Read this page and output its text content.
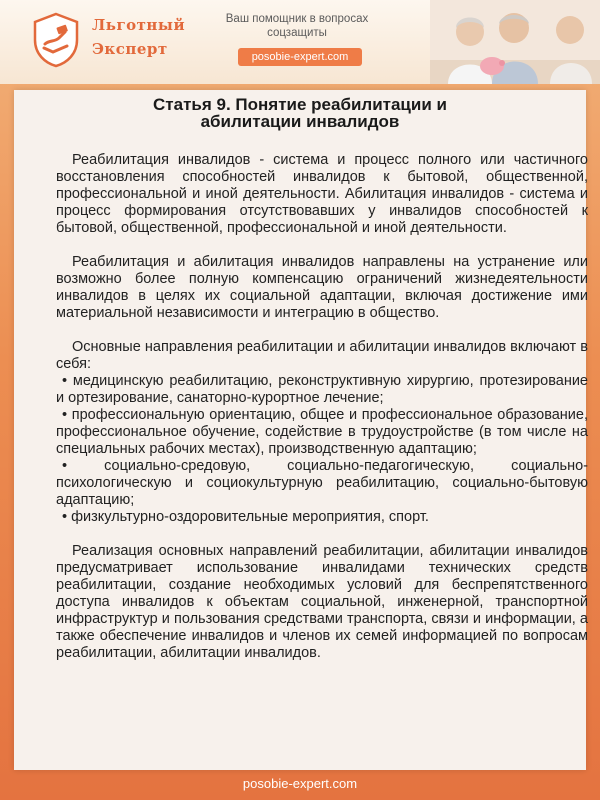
Льготный
Эксперт
Ваш помощник в вопросах соцзащиты
posobie-expert.com
Статья 9. Понятие реабилитации и
абилитации инвалидов

Реабилитация инвалидов - система и процесс полного или частичного восстановления способностей инвалидов к бытовой, общественной, профессиональной и иной деятельности. Абилитация инвалидов - система и процесс формирования отсутствовавших у инвалидов способностей к бытовой, общественной, профессиональной и иной деятельности.

Реабилитация и абилитация инвалидов направлены на устранение или возможно более полную компенсацию ограничений жизнедеятельности инвалидов в целях их социальной адаптации, включая достижение ими материальной независимости и интеграцию в общество.

Основные направления реабилитации и абилитации инвалидов включают в себя:

• медицинскую реабилитацию, реконструктивную хирургию, протезирование и ортезирование, санаторно-курортное лечение;

• профессиональную ориентацию, общее и профессиональное образование, профессиональное обучение, содействие в трудоустройстве (в том числе на специальных рабочих местах), производственную адаптацию;

• социально-средовую, социально-педагогическую, социально-психологическую и социокультурную реабилитацию, социально-бытовую адаптацию;

• физкультурно-оздоровительные мероприятия, спорт.

Реализация основных направлений реабилитации, абилитации инвалидов предусматривает использование инвалидами технических средств реабилитации, создание необходимых условий для беспрепятственного доступа инвалидов к объектам социальной, инженерной, транспортной инфраструктур и пользования средствами транспорта, связи и информации, а также обеспечение инвалидов и членов их семей информацией по вопросам реабилитации, абилитации инвалидов.

posobie-expert.com
